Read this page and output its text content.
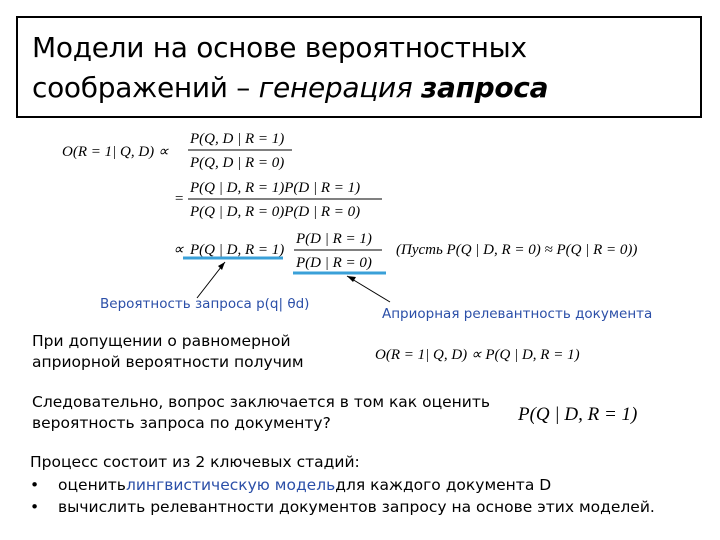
Модели на основе вероятностных
соображений – генерация запроса
O(R = 1| Q, D) ∝
P(Q, D | R = 1)
P(Q, D | R = 0)
=
P(Q | D, R = 1)P(D | R = 1)
P(Q | D, R = 0)P(D | R = 0)
∝ P(Q | D, R = 1)
P(D | R = 1)
P(D | R = 0)
(Пусть P(Q | D, R = 0) ≈ P(Q | R = 0))
O(R = 1| Q, D) ∝ P(Q | D, R = 1)
P(Q | D, R = 1)
Вероятность запроса p(q| θd)
Априорная релевантность документа

При допущении о равномерной
априорной вероятности получим

Следовательно, вопрос заключается в том как оценить
вероятность запроса по документу?

Процесс состоит из 2 ключевых стадий:

•	оценить лингвистическую модель для каждого документа D
•	вычислить релевантности документов запросу на основе этих моделей.
